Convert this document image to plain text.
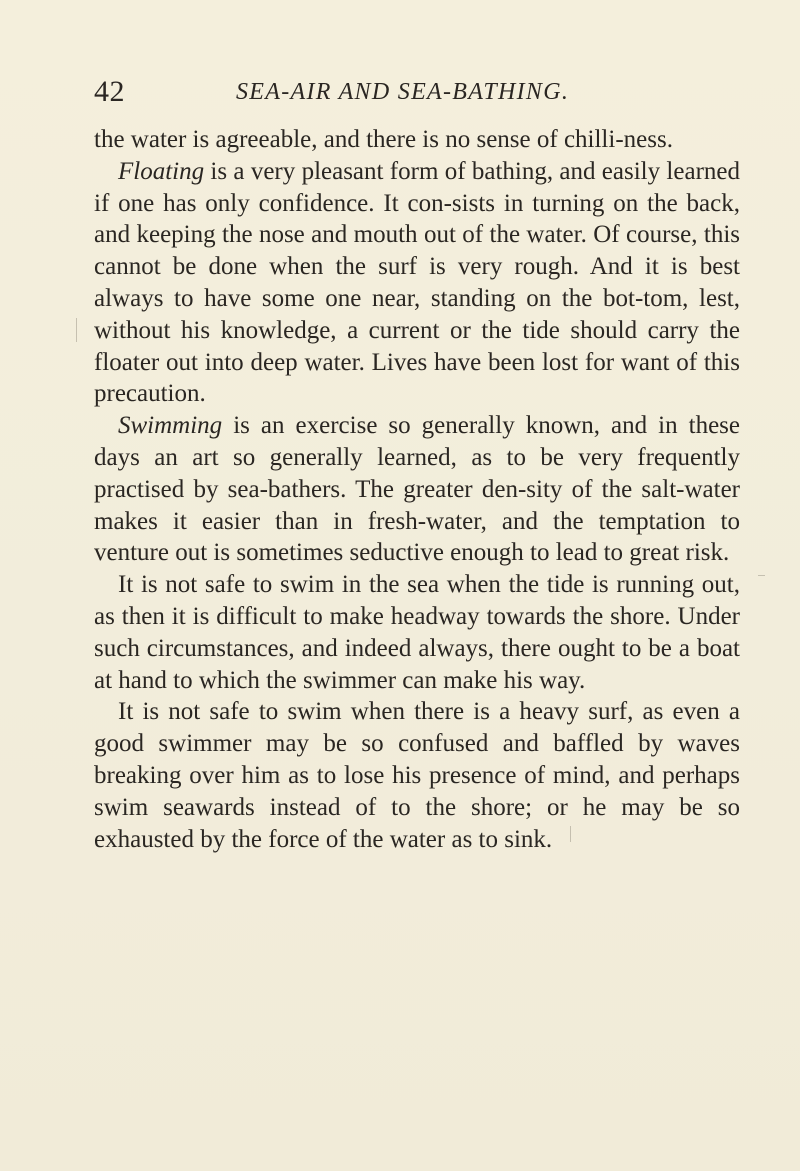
42	SEA-AIR AND SEA-BATHING.

the water is agreeable, and there is no sense of chilli-ness.

Floating is a very pleasant form of bathing, and easily learned if one has only confidence. It con-sists in turning on the back, and keeping the nose and mouth out of the water. Of course, this cannot be done when the surf is very rough. And it is best always to have some one near, standing on the bot-tom, lest, without his knowledge, a current or the tide should carry the floater out into deep water. Lives have been lost for want of this precaution.

Swimming is an exercise so generally known, and in these days an art so generally learned, as to be very frequently practised by sea-bathers. The greater den-sity of the salt-water makes it easier than in fresh-water, and the temptation to venture out is sometimes seductive enough to lead to great risk.

It is not safe to swim in the sea when the tide is running out, as then it is difficult to make headway towards the shore. Under such circumstances, and indeed always, there ought to be a boat at hand to which the swimmer can make his way.

It is not safe to swim when there is a heavy surf, as even a good swimmer may be so confused and baffled by waves breaking over him as to lose his presence of mind, and perhaps swim seawards instead of to the shore; or he may be so exhausted by the force of the water as to sink.
